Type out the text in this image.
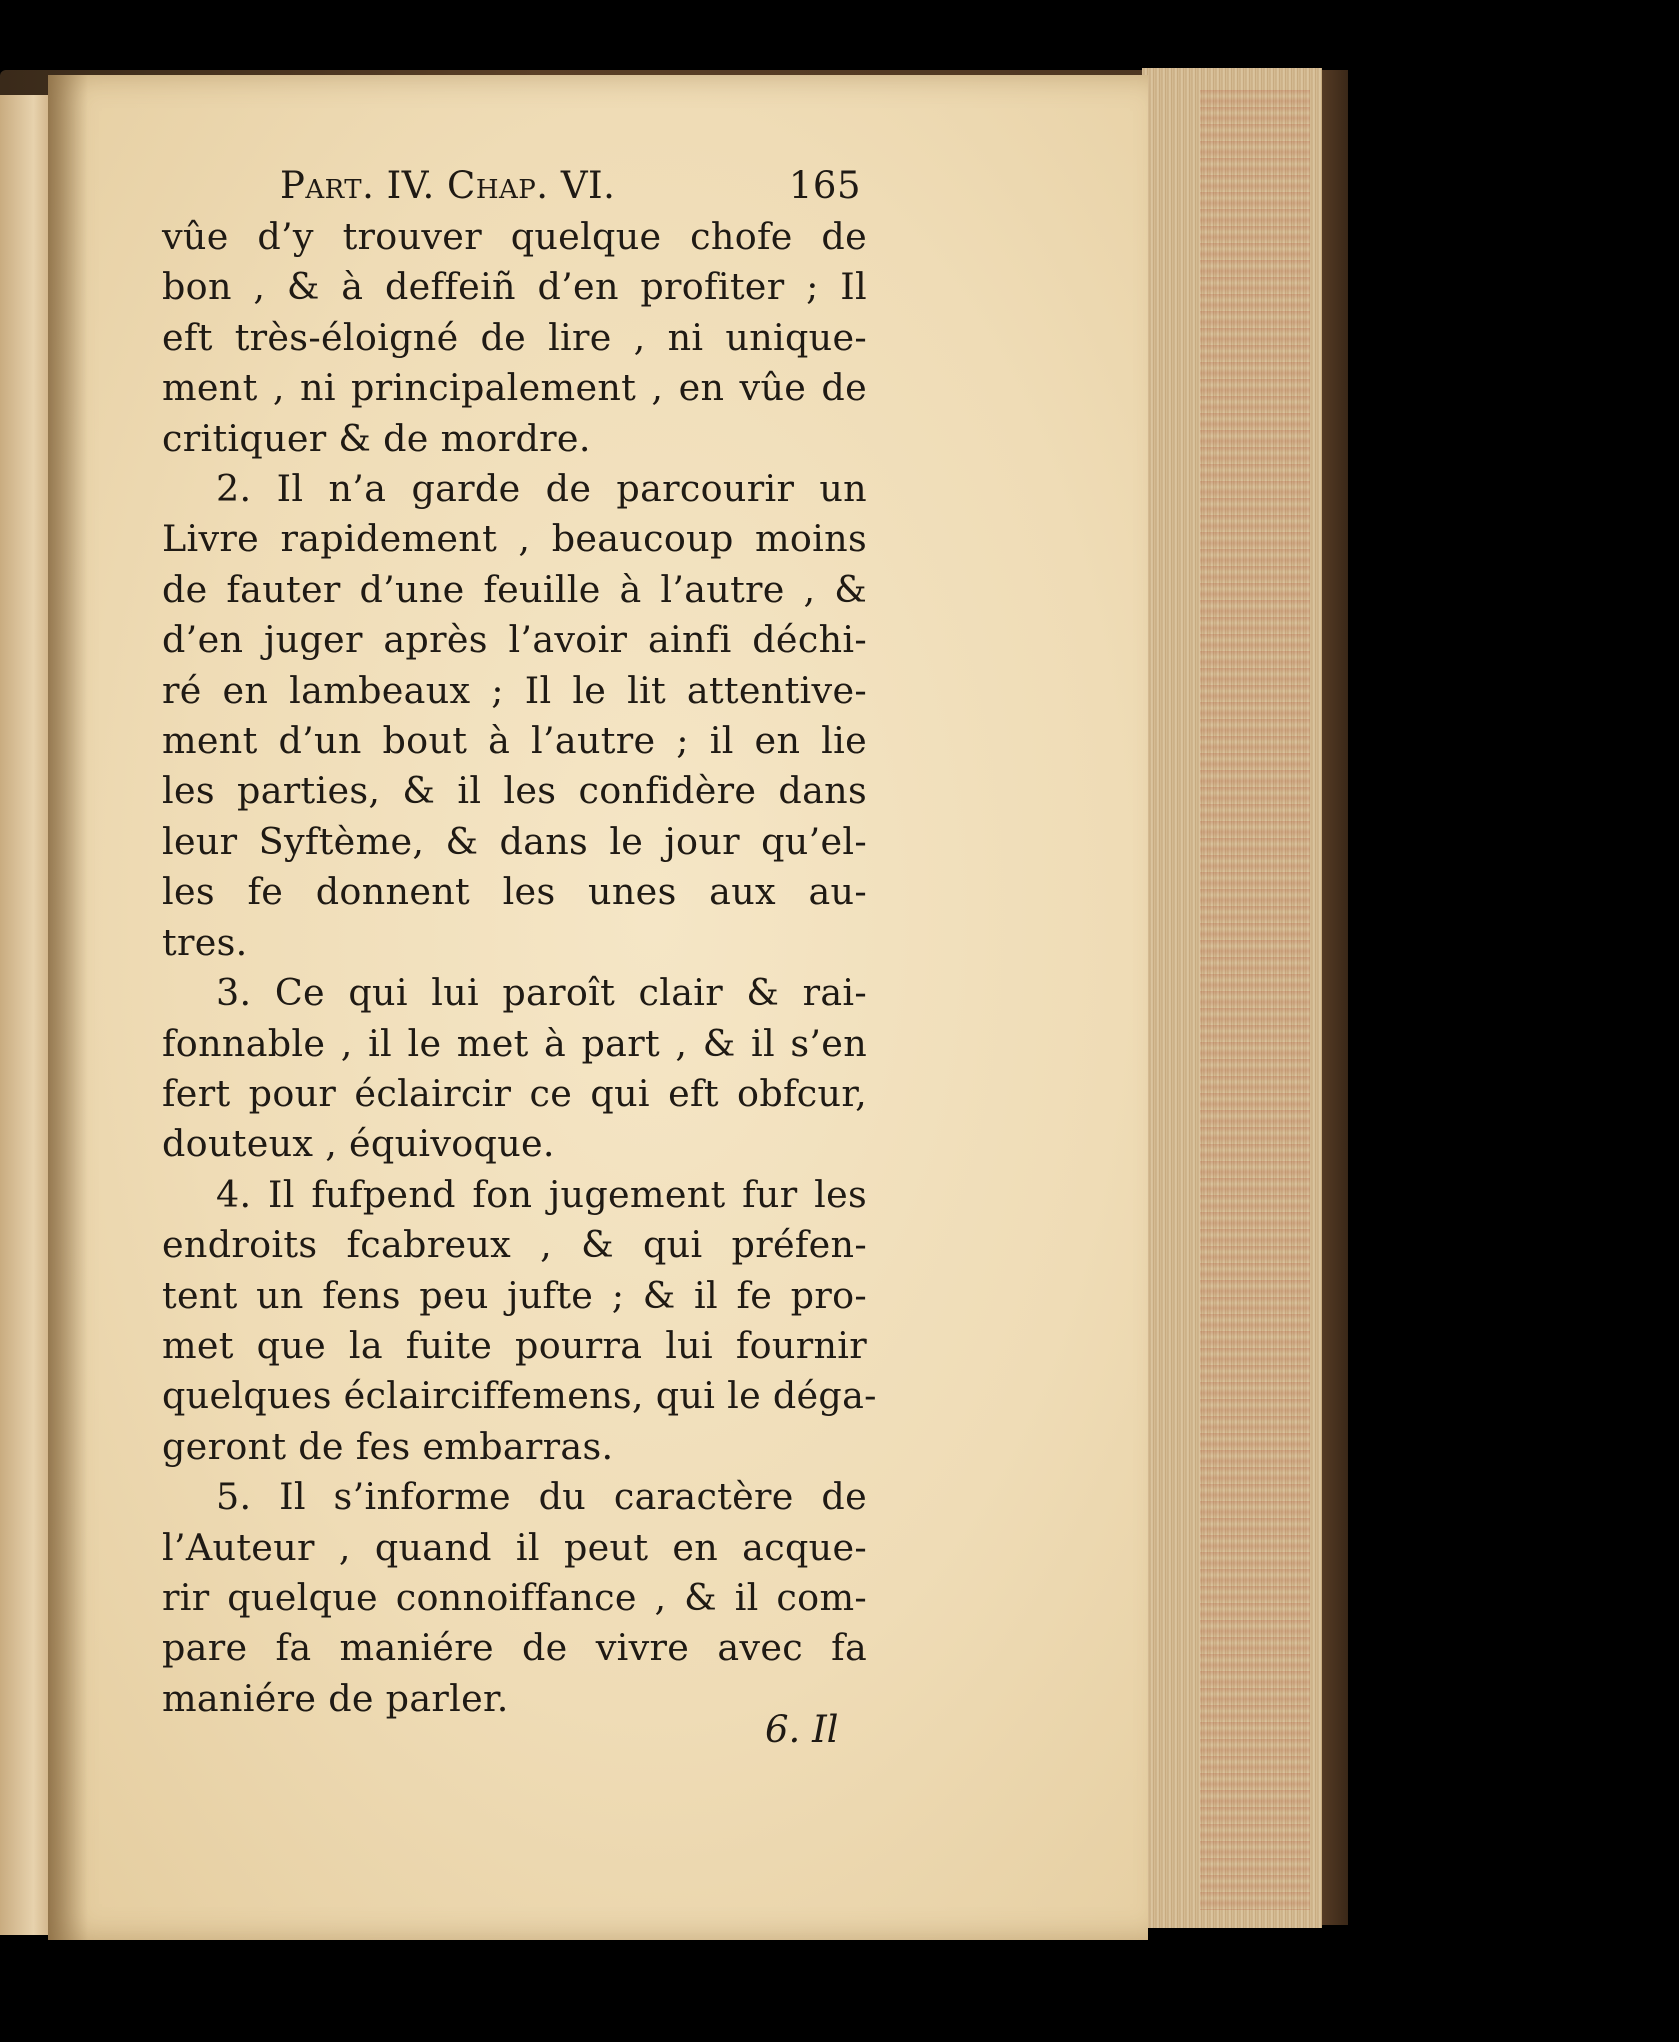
Part. IV. Chap. VI.	165
vûe d’y trouver quelque chofe de
bon , & à deffeiñ d’en profiter ; Il
eft très-éloigné de lire , ni unique-
ment , ni principalement , en vûe de
critiquer & de mordre.
2. Il n’a garde de parcourir un
Livre rapidement , beaucoup moins
de fauter d’une feuille à l’autre , &
d’en juger après l’avoir ainfi déchi-
ré en lambeaux ; Il le lit attentive-
ment d’un bout à l’autre ; il en lie
les parties, & il les confidère dans
leur Syftème, & dans le jour qu’el-
les fe donnent les unes aux au-
tres.
3. Ce qui lui paroît clair & rai-
fonnable , il le met à part , & il s’en
fert pour éclaircir ce qui eft obfcur,
douteux , équivoque.
4. Il fufpend fon jugement fur les
endroits fcabreux , & qui préfen-
tent un fens peu jufte ; & il fe pro-
met que la fuite pourra lui fournir
quelques éclairciffemens, qui le déga-
geront de fes embarras.
5. Il s’informe du caractère de
l’Auteur , quand il peut en acque-
rir quelque connoiffance , & il com-
pare fa maniére de vivre avec fa
maniére de parler.
6. Il
